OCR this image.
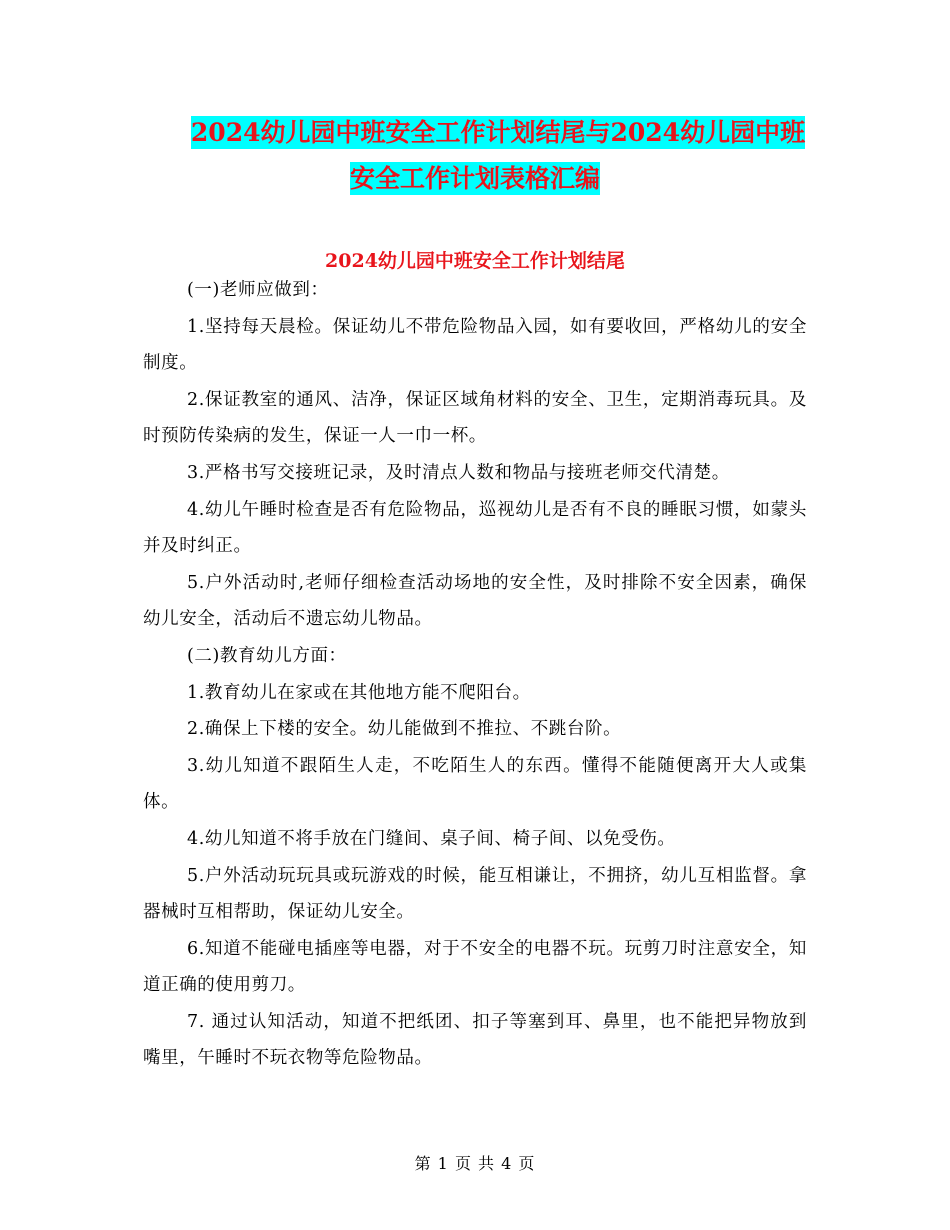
2024幼儿园中班安全工作计划结尾与2024幼儿园中班
安全工作计划表格汇编
2024幼儿园中班安全工作计划结尾

(一)老师应做到：

1.坚持每天晨检。保证幼儿不带危险物品入园，如有要收回，严格幼儿的安全制度。

2.保证教室的通风、洁净，保证区域角材料的安全、卫生，定期消毒玩具。及时预防传染病的发生，保证一人一巾一杯。

3.严格书写交接班记录，及时清点人数和物品与接班老师交代清楚。

4.幼儿午睡时检查是否有危险物品，巡视幼儿是否有不良的睡眠习惯，如蒙头并及时纠正。

5.户外活动时,老师仔细检查活动场地的安全性，及时排除不安全因素，确保幼儿安全，活动后不遗忘幼儿物品。

(二)教育幼儿方面：

1.教育幼儿在家或在其他地方能不爬阳台。

2.确保上下楼的安全。幼儿能做到不推拉、不跳台阶。

3.幼儿知道不跟陌生人走，不吃陌生人的东西。懂得不能随便离开大人或集体。

4.幼儿知道不将手放在门缝间、桌子间、椅子间、以免受伤。

5.户外活动玩玩具或玩游戏的时候，能互相谦让，不拥挤，幼儿互相监督。拿器械时互相帮助，保证幼儿安全。

6.知道不能碰电插座等电器，对于不安全的电器不玩。玩剪刀时注意安全，知道正确的使用剪刀。

7. 通过认知活动，知道不把纸团、扣子等塞到耳、鼻里，也不能把异物放到嘴里，午睡时不玩衣物等危险物品。

第 1 页 共 4 页
